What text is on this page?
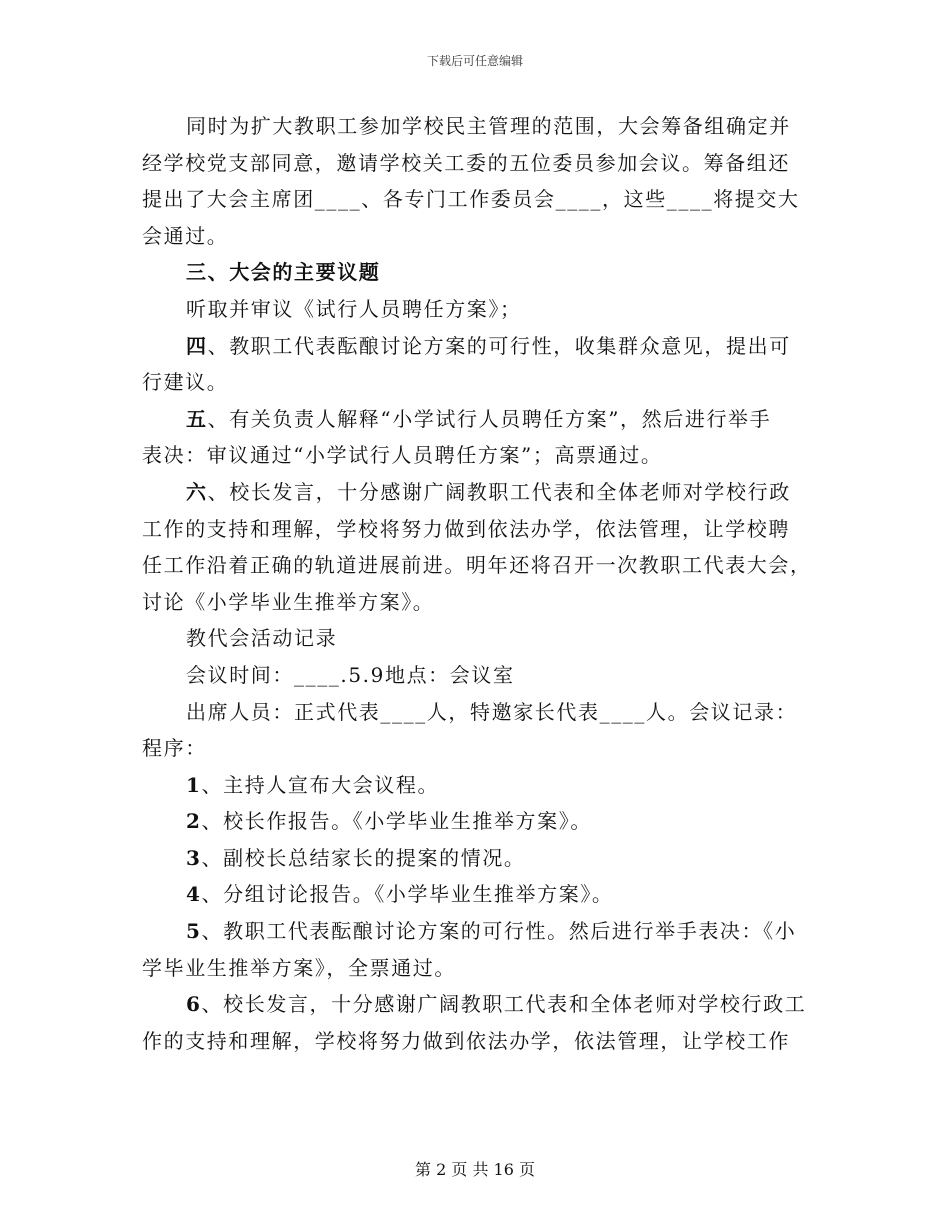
下载后可任意编辑
同时为扩大教职工参加学校民主管理的范围，大会筹备组确定并
经学校党支部同意，邀请学校关工委的五位委员参加会议。筹备组还
提出了大会主席团____、各专门工作委员会____，这些____将提交大
会通过。
三、大会的主要议题
听取并审议《试行人员聘任方案》；
四、教职工代表酝酿讨论方案的可行性，收集群众意见，提出可
行建议。
五、有关负责人解释“小学试行人员聘任方案”，然后进行举手
表决：审议通过“小学试行人员聘任方案”；高票通过。
六、校长发言，十分感谢广阔教职工代表和全体老师对学校行政
工作的支持和理解，学校将努力做到依法办学，依法管理，让学校聘
任工作沿着正确的轨道进展前进。明年还将召开一次教职工代表大会，
讨论《小学毕业生推举方案》。
教代会活动记录
会议时间：____.5.9地点：会议室
出席人员：正式代表____人，特邀家长代表____人。会议记录：
程序：
1、主持人宣布大会议程。
2、校长作报告。《小学毕业生推举方案》。
3、副校长总结家长的提案的情况。
4、分组讨论报告。《小学毕业生推举方案》。
5、教职工代表酝酿讨论方案的可行性。然后进行举手表决：《小
学毕业生推举方案》，全票通过。
6、校长发言，十分感谢广阔教职工代表和全体老师对学校行政工
作的支持和理解，学校将努力做到依法办学，依法管理，让学校工作
第 2 页 共 16 页
